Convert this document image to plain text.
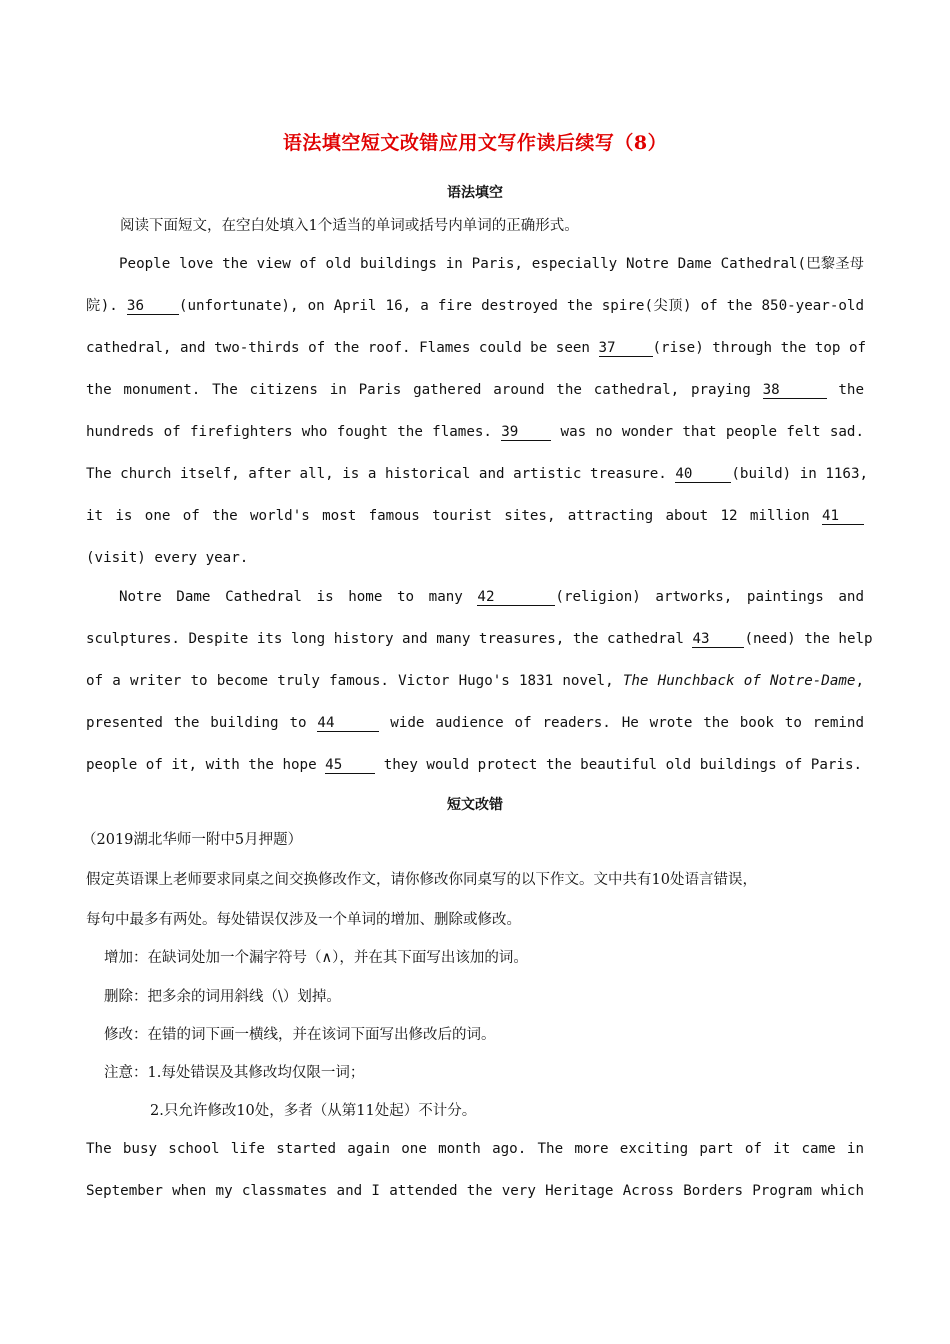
语法填空短文改错应用文写作读后续写（8）
语法填空
阅读下面短文，在空白处填入1个适当的单词或括号内单词的正确形式。
People love the view of old buildings in Paris, especially Notre Dame Cathedral(巴黎圣母
院). 36 (unfortunate), on April 16, a fire destroyed the spire(尖顶) of the 850-year-old
cathedral, and two-thirds of the roof. Flames could be seen 37	(rise) through the top of
the monument. The citizens in Paris gathered around the cathedral, praying 38	the
hundreds of firefighters who fought the flames. 39 was no wonder that people felt sad.
The church itself, after all, is a historical and artistic treasure. 40	(build) in 1163,
it is one of the world's most famous tourist sites, attracting about 12 million 41
(visit) every year.
Notre Dame Cathedral is home to many 42	(religion) artworks, paintings and
sculptures. Despite its long history and many treasures, the cathedral 43 (need) the help
of a writer to become truly famous. Victor Hugo's 1831 novel, The Hunchback of Notre-Dame,
presented the building to 44	wide audience of readers. He wrote the book to remind
people of it, with the hope 45 they would protect the beautiful old buildings of Paris.
短文改错
（2019湖北华师一附中5月押题）
假定英语课上老师要求同桌之间交换修改作文，请你修改你同桌写的以下作文。文中共有10处语言错误，
每句中最多有两处。每处错误仅涉及一个单词的增加、删除或修改。
增加：在缺词处加一个漏字符号（∧），并在其下面写出该加的词。
删除：把多余的词用斜线（\）划掉。
修改：在错的词下画一横线，并在该词下面写出修改后的词。
注意：1.每处错误及其修改均仅限一词；
2.只允许修改10处，多者（从第11处起）不计分。
The busy school life started again one month ago. The more exciting part of it came in
September when my classmates and I attended the very Heritage Across Borders Program which
